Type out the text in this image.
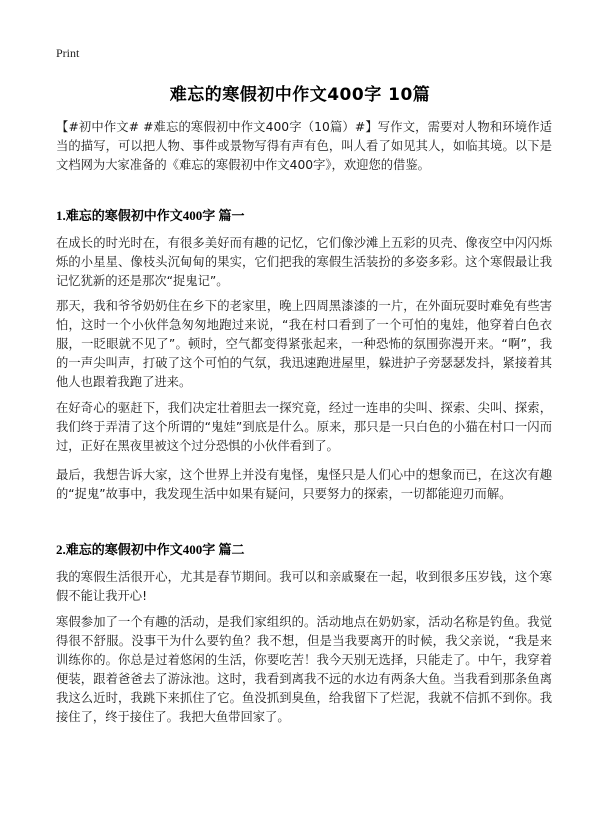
Print
难忘的寒假初中作文400字 10篇
【#初中作文# #难忘的寒假初中作文400字（10篇）#】写作文，需要对人物和环境作适当的描写，可以把人物、事件或景物写得有声有色，叫人看了如见其人，如临其境。以下是文档网为大家准备的《难忘的寒假初中作文400字》，欢迎您的借鉴。
1.难忘的寒假初中作文400字 篇一
在成长的时光时在，有很多美好而有趣的记忆，它们像沙滩上五彩的贝壳、像夜空中闪闪烁烁的小星星、像枝头沉甸甸的果实，它们把我的寒假生活装扮的多姿多彩。这个寒假最让我记忆犹新的还是那次“捉鬼记”。
那天，我和爷爷奶奶住在乡下的老家里，晚上四周黑漆漆的一片，在外面玩耍时难免有些害怕，这时一个小伙伴急匆匆地跑过来说，“我在村口看到了一个可怕的鬼娃，他穿着白色衣服，一眨眼就不见了”。顿时，空气都变得紧张起来，一种恐怖的氛围弥漫开来。“啊”，我的一声尖叫声，打破了这个可怕的气氛，我迅速跑进屋里，躲进护子旁瑟瑟发抖，紧接着其他人也跟着我跑了进来。
在好奇心的驱赶下，我们决定壮着胆去一探究竟，经过一连串的尖叫、探索、尖叫、探索，我们终于弄清了这个所谓的“鬼娃”到底是什么。原来，那只是一只白色的小猫在村口一闪而过，正好在黑夜里被这个过分恐惧的小伙伴看到了。
最后，我想告诉大家，这个世界上并没有鬼怪，鬼怪只是人们心中的想象而已，在这次有趣的“捉鬼”故事中，我发现生活中如果有疑问，只要努力的探索，一切都能迎刃而解。
2.难忘的寒假初中作文400字 篇二
我的寒假生活很开心，尤其是春节期间。我可以和亲戚聚在一起，收到很多压岁钱，这个寒假不能让我开心!
寒假参加了一个有趣的活动，是我们家组织的。活动地点在奶奶家，活动名称是钓鱼。我觉得很不舒服。没事干为什么要钓鱼？我不想，但是当我要离开的时候，我父亲说，“我是来训练你的。你总是过着悠闲的生活，你要吃苦！我今天别无选择，只能走了。中午，我穿着便装，跟着爸爸去了游泳池。这时，我看到离我不远的水边有两条大鱼。当我看到那条鱼离我这么近时，我跳下来抓住了它。鱼没抓到臭鱼，给我留下了烂泥，我就不信抓不到你。我接住了，终于接住了。我把大鱼带回家了。
